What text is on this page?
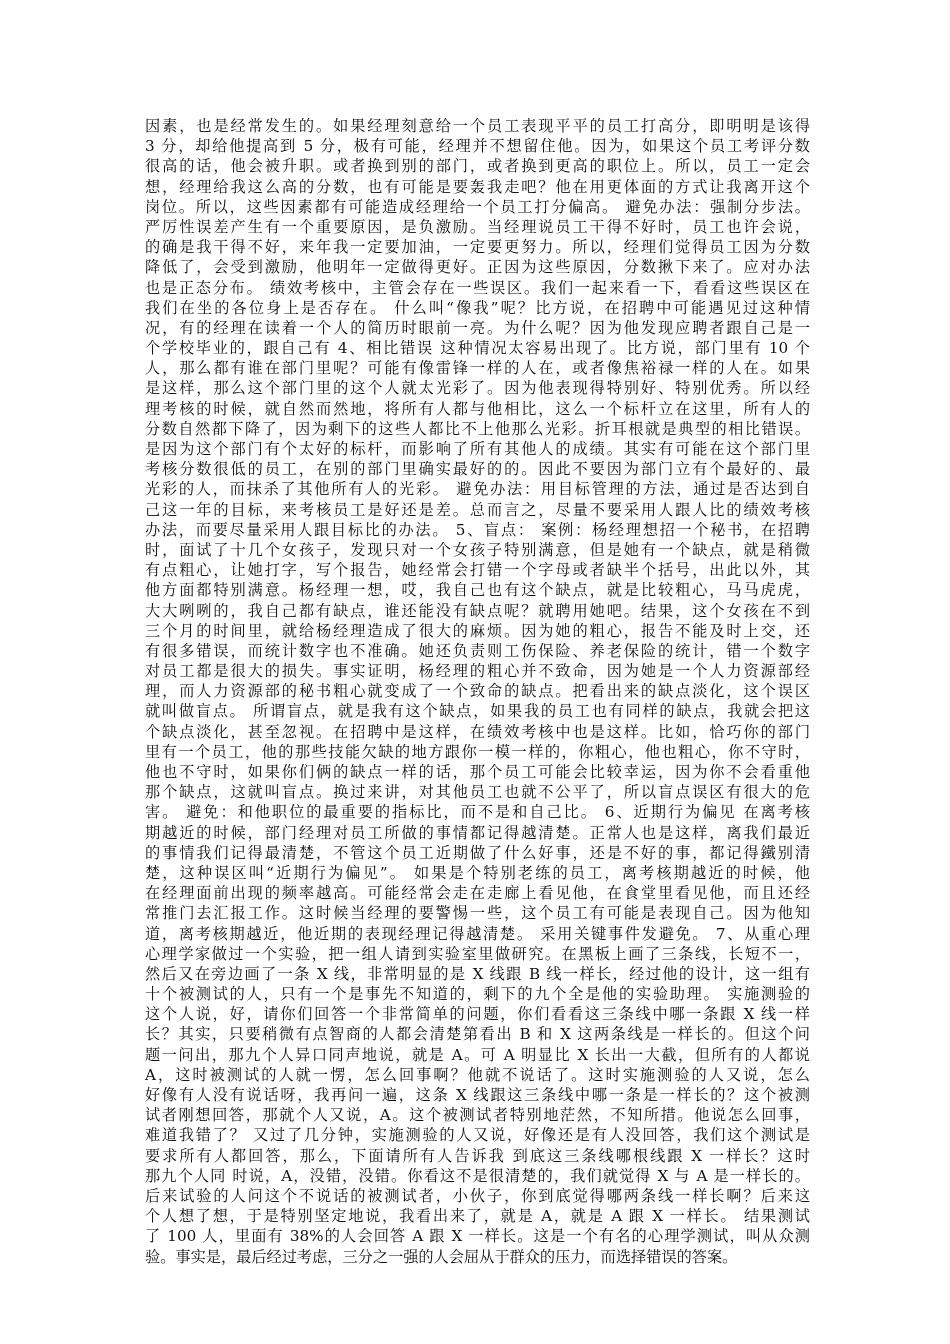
因素，也是经常发生的。如果经理刻意给一个员工表现平平的员工打高分，即明明是该得
3 分，却给他提高到 5 分，极有可能，经理并不想留住他。因为，如果这个员工考评分数
很高的话，他会被升职。或者换到别的部门，或者换到更高的职位上。所以，员工一定会
想，经理给我这么高的分数，也有可能是要轰我走吧？他在用更体面的方式让我离开这个
岗位。所以，这些因素都有可能造成经理给一个员工打分偏高。 避免办法：强制分步法。
严厉性误差产生有一个重要原因，是负激励。当经理说员工干得不好时，员工也许会说，
的确是我干得不好，来年我一定要加油，一定要更努力。所以，经理们觉得员工因为分数
降低了，会受到激励，他明年一定做得更好。正因为这些原因，分数揪下来了。应对办法
也是正态分布。 绩效考核中，主管会存在一些误区。我们一起来看一下，看看这些误区在
我们在坐的各位身上是否存在。 什么叫“像我”呢？比方说，在招聘中可能遇见过这种情
况，有的经理在读着一个人的简历时眼前一亮。为什么呢？因为他发现应聘者跟自己是一
个学校毕业的，跟自己有 4、相比错误 这种情况太容易出现了。比方说，部门里有 10 个
人，那么都有谁在部门里呢？可能有像雷锋一样的人在，或者像焦裕禄一样的人在。如果
是这样，那么这个部门里的这个人就太光彩了。因为他表现得特别好、特别优秀。所以经
理考核的时候，就自然而然地，将所有人都与他相比，这么一个标杆立在这里，所有人的
分数自然都下降了，因为剩下的这些人都比不上他那么光彩。折耳根就是典型的相比错误。
是因为这个部门有个太好的标杆，而影响了所有其他人的成绩。其实有可能在这个部门里
考核分数很低的员工，在别的部门里确实最好的的。因此不要因为部门立有个最好的、最
光彩的人，而抹杀了其他所有人的光彩。 避免办法：用目标管理的方法，通过是否达到自
己这一年的目标，来考核员工是好还是差。总而言之，尽量不要采用人跟人比的绩效考核
办法，而要尽量采用人跟目标比的办法。 5、盲点： 案例：杨经理想招一个秘书，在招聘
时，面试了十几个女孩子，发现只对一个女孩子特别满意，但是她有一个缺点，就是稍微
有点粗心，让她打字，写个报告，她经常会打错一个字母或者缺半个括号，出此以外，其
他方面都特别满意。杨经理一想，哎，我自己也有这个缺点，就是比较粗心，马马虎虎，
大大咧咧的，我自己都有缺点，谁还能没有缺点呢？就聘用她吧。结果，这个女孩在不到
三个月的时间里，就给杨经理造成了很大的麻烦。因为她的粗心，报告不能及时上交，还
有很多错误，而统计数字也不准确。她还负责则工伤保险、养老保险的统计，错一个数字
对员工都是很大的损失。事实证明，杨经理的粗心并不致命，因为她是一个人力资源部经
理，而人力资源部的秘书粗心就变成了一个致命的缺点。把看出来的缺点淡化，这个误区
就叫做盲点。 所谓盲点，就是我有这个缺点，如果我的员工也有同样的缺点，我就会把这
个缺点淡化，甚至忽视。在招聘中是这样，在绩效考核中也是这样。比如，恰巧你的部门
里有一个员工，他的那些技能欠缺的地方跟你一模一样的，你粗心，他也粗心，你不守时，
他也不守时，如果你们俩的缺点一样的话，那个员工可能会比较幸运，因为你不会看重他
那个缺点，这就叫盲点。换过来讲，对其他员工也就不公平了，所以盲点误区有很大的危
害。 避免：和他职位的最重要的指标比，而不是和自己比。 6、近期行为偏见 在离考核
期越近的时候，部门经理对员工所做的事情都记得越清楚。正常人也是这样，离我们最近
的事情我们记得最清楚，不管这个员工近期做了什么好事，还是不好的事，都记得鐵别清
楚，这种误区叫“近期行为偏见”。 如果是个特别老练的员工，离考核期越近的时候，他
在经理面前出现的频率越高。可能经常会走在走廊上看见他，在食堂里看见他，而且还经
常推门去汇报工作。这时候当经理的要警惕一些，这个员工有可能是表现自己。因为他知
道，离考核期越近，他近期的表现经理记得越清楚。 采用关键事件发避免。 7、从重心理
心理学家做过一个实验，把一组人请到实验室里做研究。在黑板上画了三条线，长短不一，
然后又在旁边画了一条 X 线，非常明显的是 X 线跟 B 线一样长，经过他的设计，这一组有
十个被测试的人，只有一个是事先不知道的，剩下的九个全是他的实验助理。 实施测验的
这个人说，好，请你们回答一个非常简单的问题，你们看看这三条线中哪一条跟 X 线一样
长？其实，只要稍微有点智商的人都会清楚第看出 B 和 X 这两条线是一样长的。但这个问
题一问出，那九个人异口同声地说，就是 A。可 A 明显比 X 长出一大截，但所有的人都说
A，这时被测试的人就一愣，怎么回事啊？他就不说话了。这时实施测验的人又说，怎么
好像有人没有说话呀，我再问一遍，这条 X 线跟这三条线中哪一条是一样长的？这个被测
试者刚想回答，那就个人又说，A。这个被测试者特别地茫然，不知所措。他说怎么回事，
难道我错了？ 又过了几分钟，实施测验的人又说，好像还是有人没回答，我们这个测试是
要求所有人都回答，那么，下面请所有人告诉我 到底这三条线哪根线跟 X 一样长？这时
那九个人同 时说，A，没错，没错。你看这不是很清楚的，我们就觉得 X 与 A 是一样长的。
后来试验的人问这个不说话的被测试者，小伙子，你到底觉得哪两条线一样长啊？后来这
个人想了想，于是特别坚定地说，我看出来了，就是 A，就是 A 跟 X 一样长。 结果测试
了 100 人，里面有 38%的人会回答 A 跟 X 一样长。这是一个有名的心理学测试，叫从众测
验。事实是，最后经过考虑，三分之一强的人会屈从于群众的压力，而选择错误的答案。
